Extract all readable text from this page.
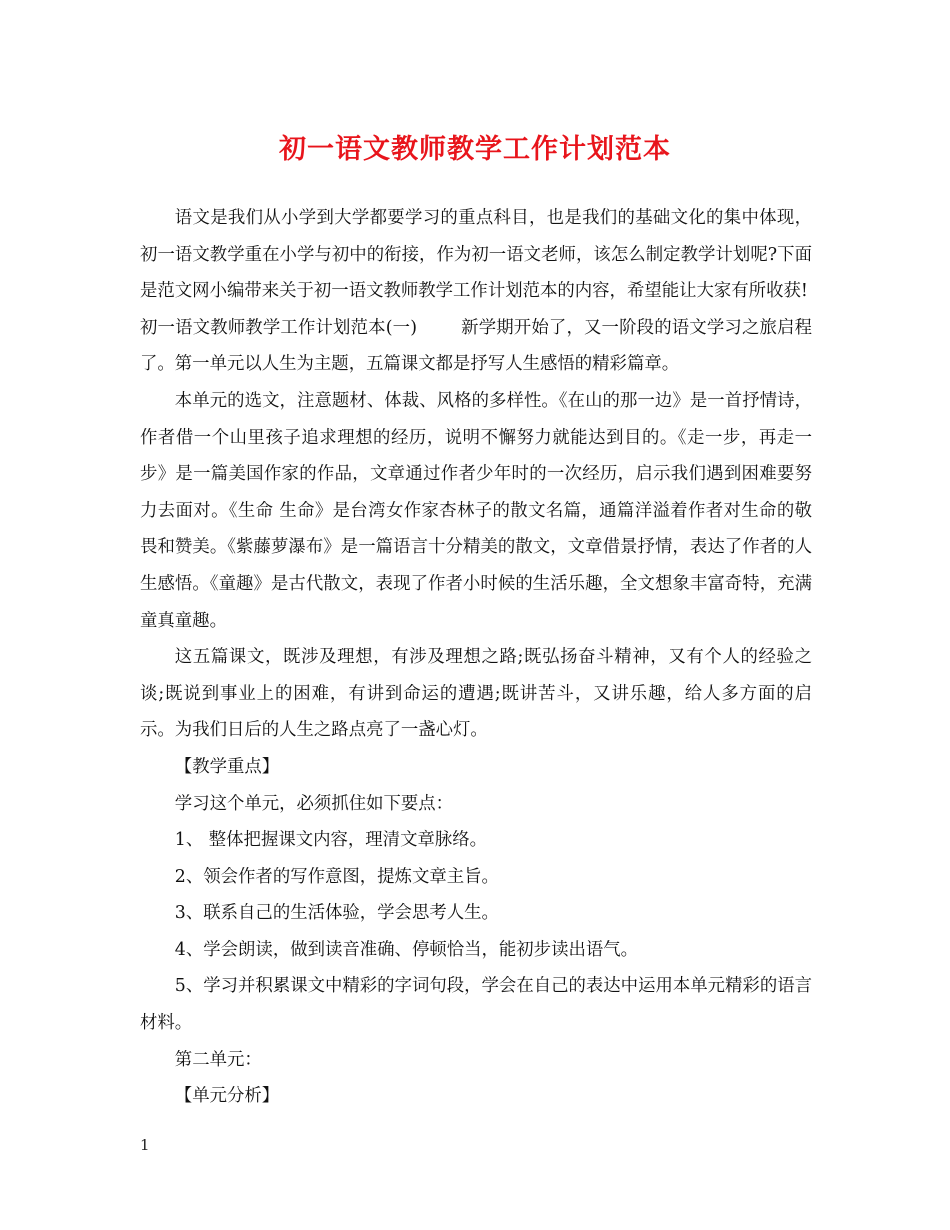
初一语文教师教学工作计划范本

语文是我们从小学到大学都要学习的重点科目，也是我们的基础文化的集中体现，初一语文教学重在小学与初中的衔接，作为初一语文老师，该怎么制定教学计划呢?下面是范文网小编带来关于初一语文教师教学工作计划范本的内容，希望能让大家有所收获!

初一语文教师教学工作计划范本(一)	新学期开始了，又一阶段的语文学习之旅启程了。第一单元以人生为主题，五篇课文都是抒写人生感悟的精彩篇章。

本单元的选文，注意题材、体裁、风格的多样性。《在山的那一边》是一首抒情诗，作者借一个山里孩子追求理想的经历，说明不懈努力就能达到目的。《走一步，再走一步》是一篇美国作家的作品，文章通过作者少年时的一次经历，启示我们遇到困难要努力去面对。《生命 生命》是台湾女作家杏林子的散文名篇，通篇洋溢着作者对生命的敬畏和赞美。《紫藤萝瀑布》是一篇语言十分精美的散文，文章借景抒情，表达了作者的人生感悟。《童趣》是古代散文，表现了作者小时候的生活乐趣，全文想象丰富奇特，充满童真童趣。

这五篇课文，既涉及理想，有涉及理想之路;既弘扬奋斗精神，又有个人的经验之谈;既说到事业上的困难，有讲到命运的遭遇;既讲苦斗，又讲乐趣，给人多方面的启示。为我们日后的人生之路点亮了一盏心灯。

【教学重点】

学习这个单元，必须抓住如下要点：

1、 整体把握课文内容，理清文章脉络。

2、领会作者的写作意图，提炼文章主旨。

3、联系自己的生活体验，学会思考人生。

4、学会朗读，做到读音准确、停顿恰当，能初步读出语气。

5、学习并积累课文中精彩的字词句段，学会在自己的表达中运用本单元精彩的语言材料。

第二单元：

【单元分析】

1
